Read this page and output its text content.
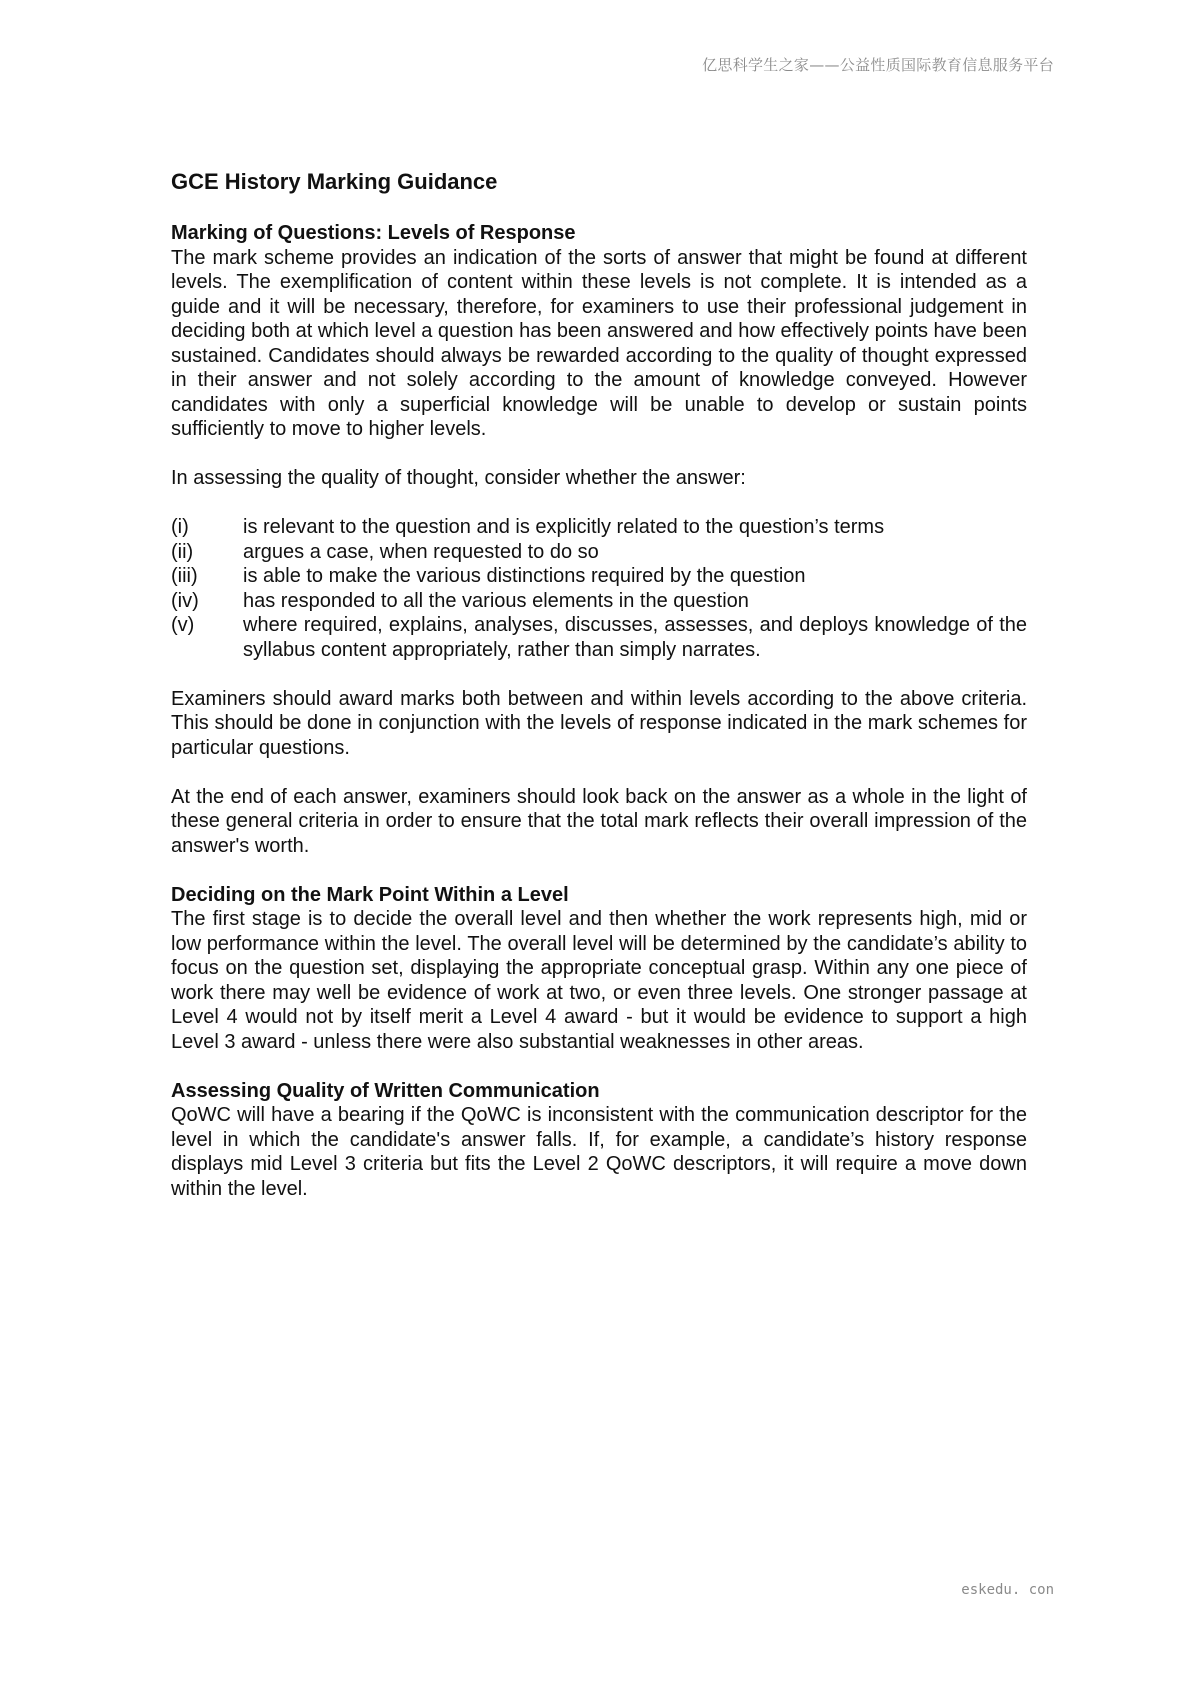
亿思科学生之家——公益性质国际教育信息服务平台
GCE History Marking Guidance
Marking of Questions: Levels of Response

The mark scheme provides an indication of the sorts of answer that might be found at different levels. The exemplification of content within these levels is not complete. It is intended as a guide and it will be necessary, therefore, for examiners to use their professional judgement in deciding both at which level a question has been answered and how effectively points have been sustained. Candidates should always be rewarded according to the quality of thought expressed in their answer and not solely according to the amount of knowledge conveyed. However candidates with only a superficial knowledge will be unable to develop or sustain points sufficiently to move to higher levels.

In assessing the quality of thought, consider whether the answer:

(i)	is relevant to the question and is explicitly related to the question’s terms
(ii)	argues a case, when requested to do so
(iii)	is able to make the various distinctions required by the question
(iv)	has responded to all the various elements in the question
(v)	where required, explains, analyses, discusses, assesses, and deploys knowledge of the syllabus content appropriately, rather than simply narrates.

Examiners should award marks both between and within levels according to the above criteria. This should be done in conjunction with the levels of response indicated in the mark schemes for particular questions.

At the end of each answer, examiners should look back on the answer as a whole in the light of these general criteria in order to ensure that the total mark reflects their overall impression of the answer's worth.

Deciding on the Mark Point Within a Level

The first stage is to decide the overall level and then whether the work represents high, mid or low performance within the level. The overall level will be determined by the candidate’s ability to focus on the question set, displaying the appropriate conceptual grasp. Within any one piece of work there may well be evidence of work at two, or even three levels. One stronger passage at Level 4 would not by itself merit a Level 4 award - but it would be evidence to support a high Level 3 award - unless there were also substantial weaknesses in other areas.

Assessing Quality of Written Communication

QoWC will have a bearing if the QoWC is inconsistent with the communication descriptor for the level in which the candidate's answer falls. If, for example, a candidate’s history response displays mid Level 3 criteria but fits the Level 2 QoWC descriptors, it will require a move down within the level.

eskedu. con
